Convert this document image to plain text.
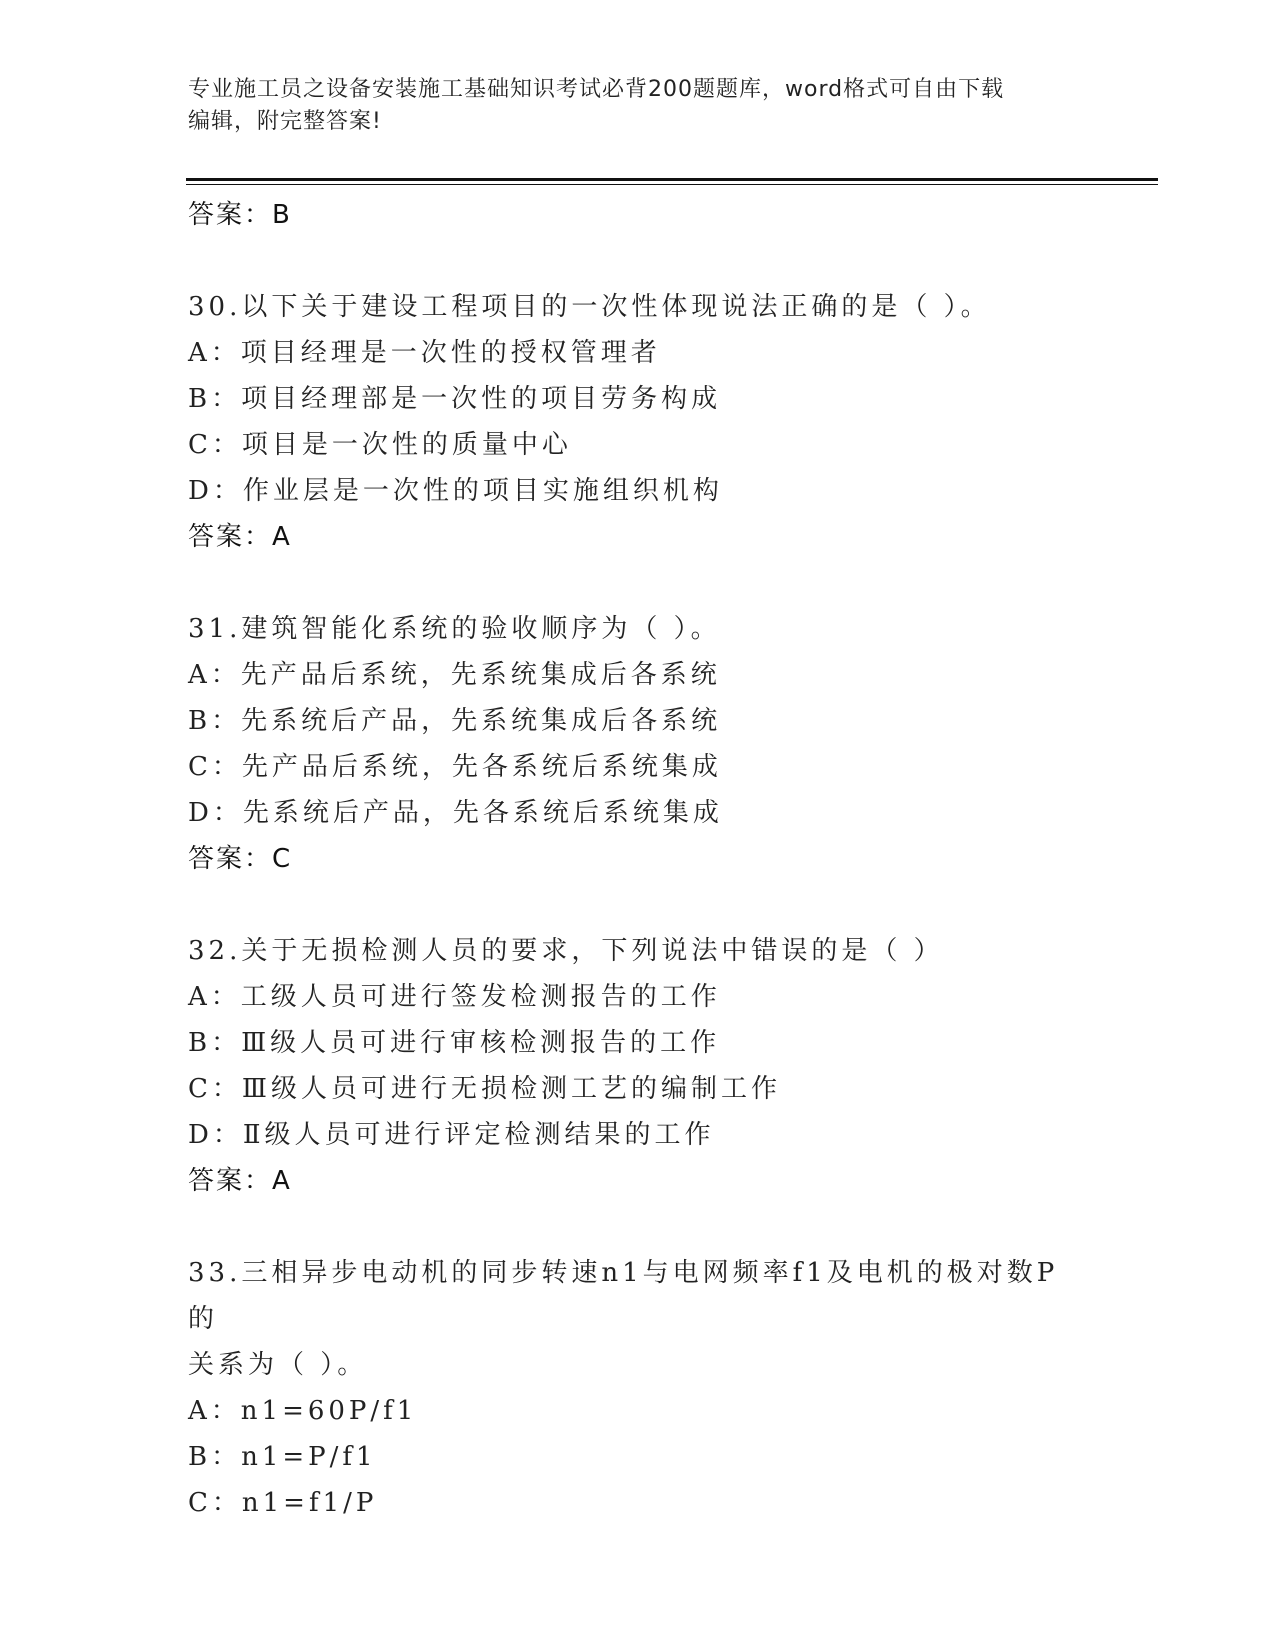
专业施工员之设备安装施工基础知识考试必背200题题库，word格式可自由下载
编辑，附完整答案!
答案：B
30.以下关于建设工程项目的一次性体现说法正确的是（ ）。
A：项目经理是一次性的授权管理者
B：项目经理部是一次性的项目劳务构成
C：项目是一次性的质量中心
D：作业层是一次性的项目实施组织机构
答案：A
31.建筑智能化系统的验收顺序为（ ）。
A：先产品后系统，先系统集成后各系统
B：先系统后产品，先系统集成后各系统
C：先产品后系统，先各系统后系统集成
D：先系统后产品，先各系统后系统集成
答案：C
32.关于无损检测人员的要求，下列说法中错误的是（ ）
A：工级人员可进行签发检测报告的工作
B：Ⅲ级人员可进行审核检测报告的工作
C：Ⅲ级人员可进行无损检测工艺的编制工作
D：Ⅱ级人员可进行评定检测结果的工作
答案：A
33.三相异步电动机的同步转速n1与电网频率f1及电机的极对数P的
关系为（ ）。
A：n1=60P/f1
B：n1=P/f1
C：n1=f1/P
